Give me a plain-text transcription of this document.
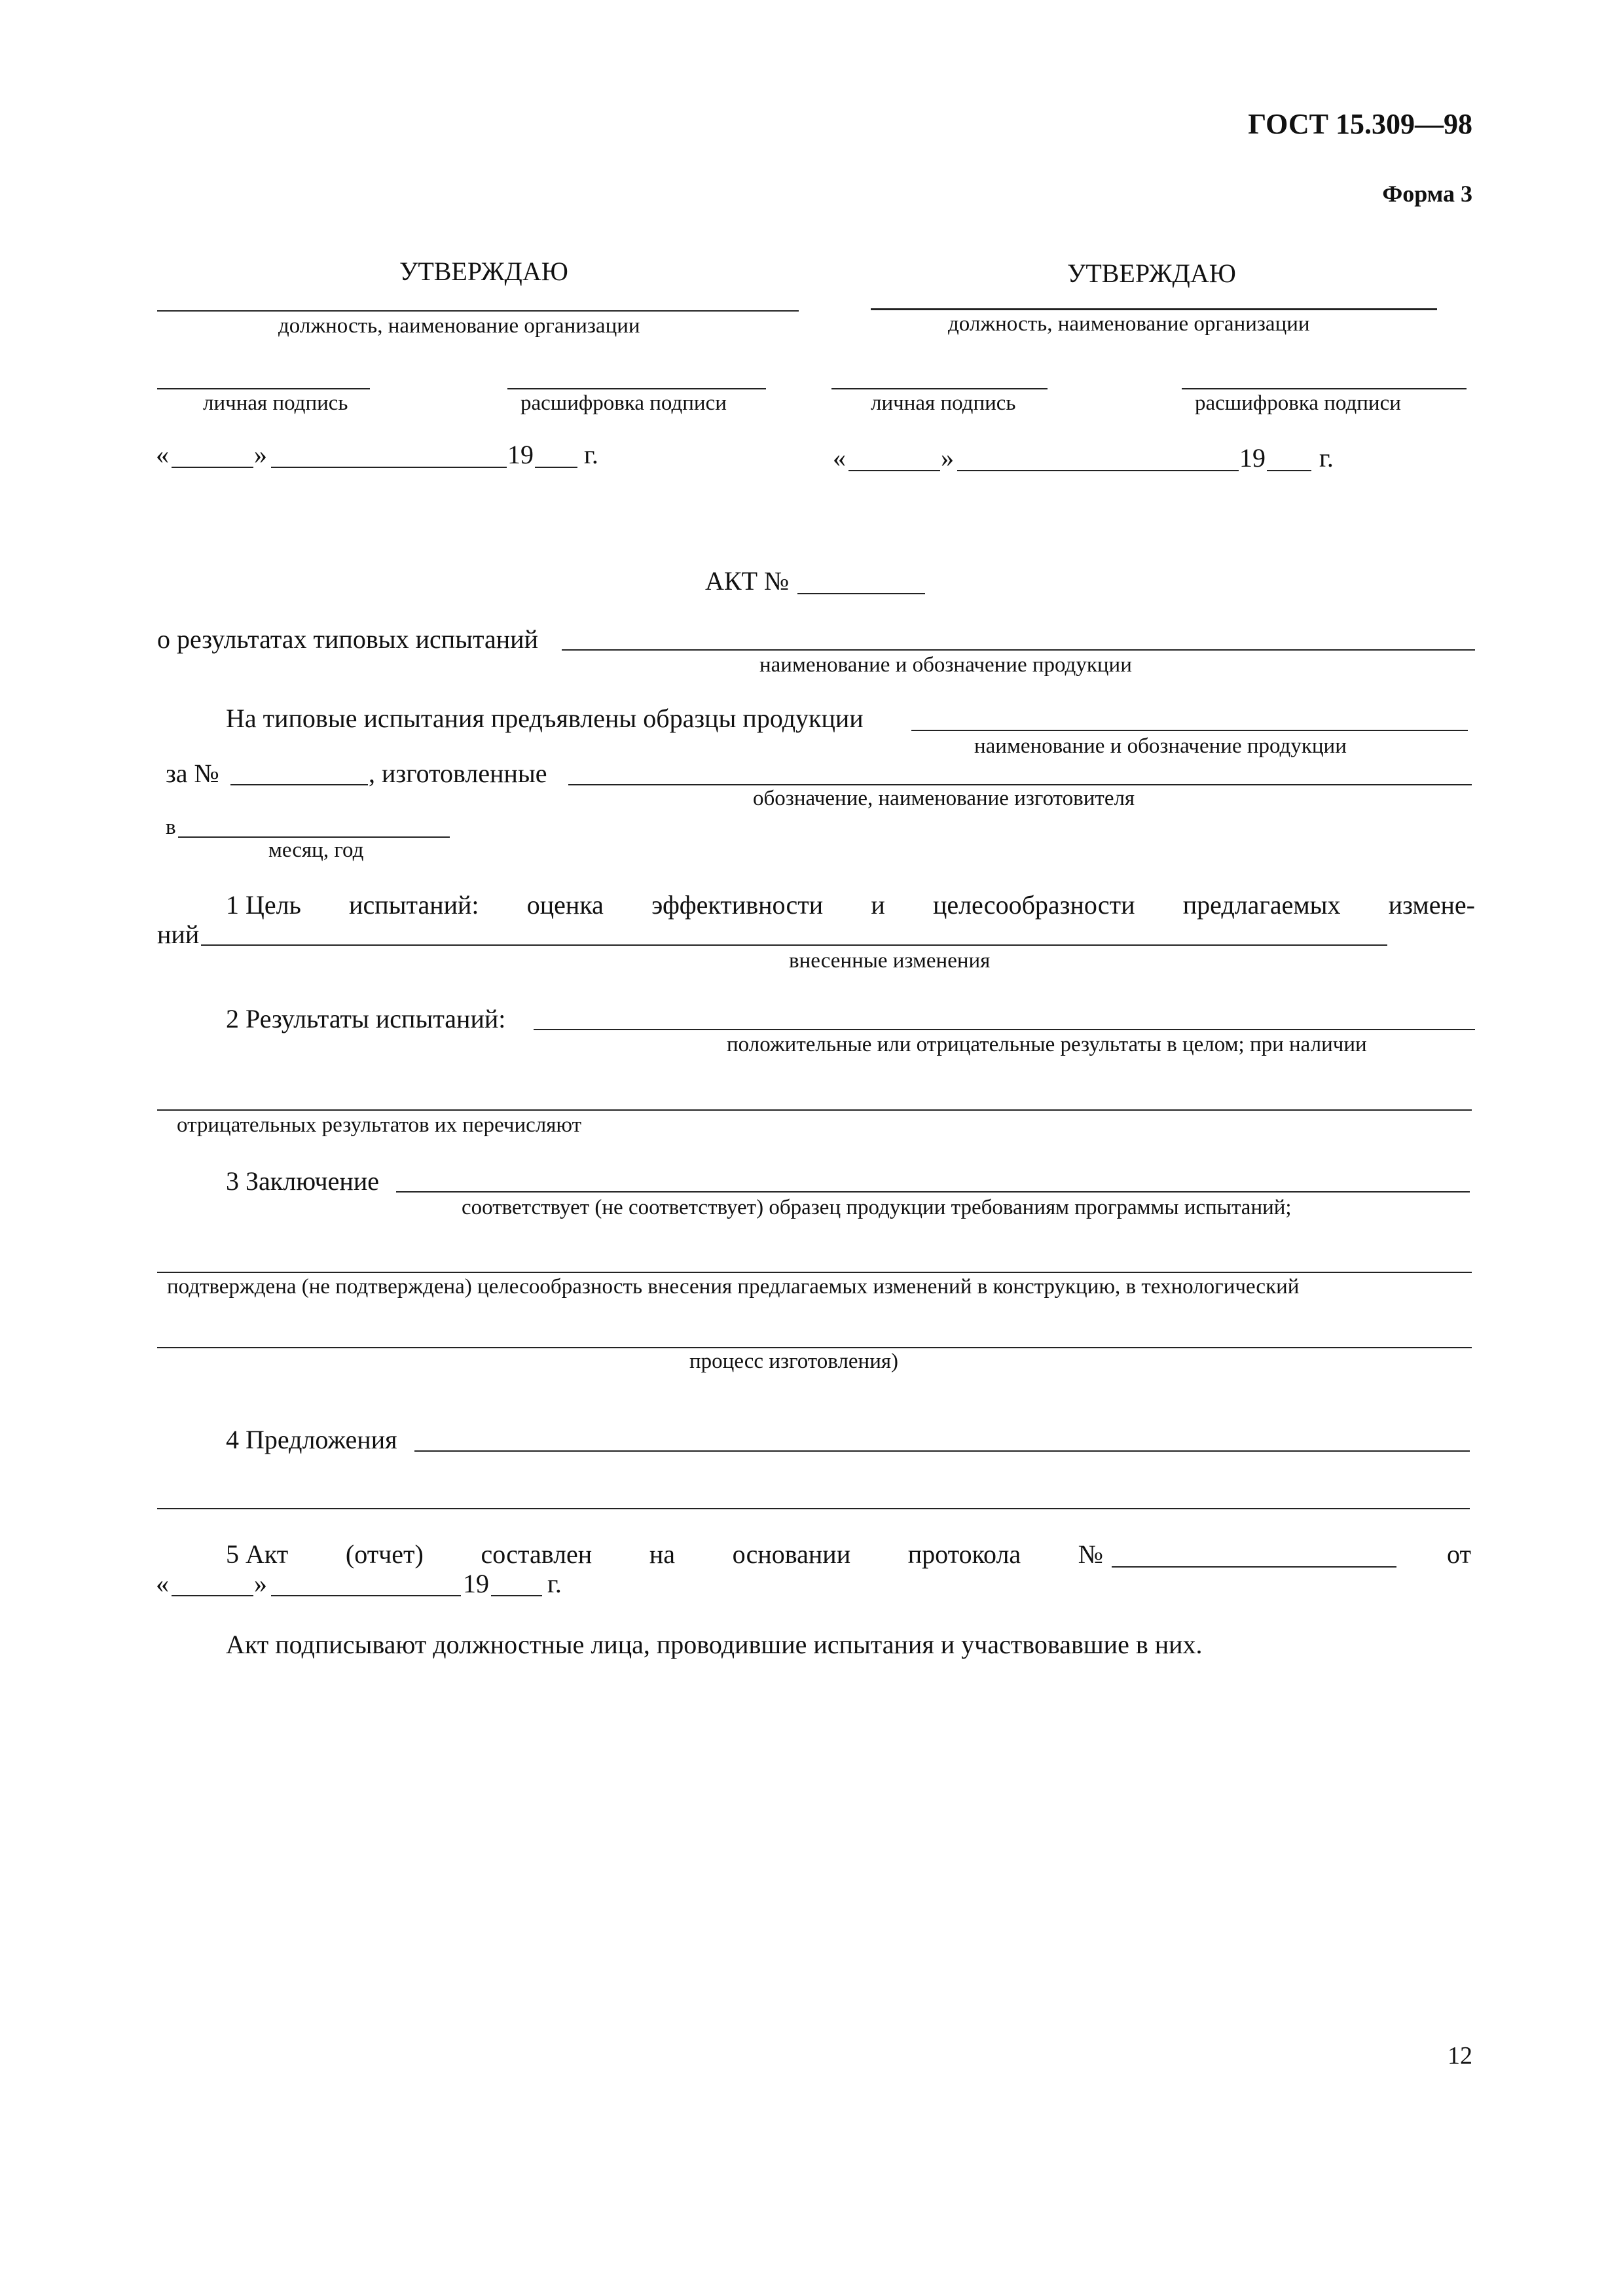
ГОСТ 15.309—98
Форма 3
УТВЕРЖДАЮ
должность, наименование организации
личная подпись	расшифровка подписи
«	»	19 г.
УТВЕРЖДАЮ
должность, наименование организации
личная подпись	расшифровка подписи
«	»	19 г.
АКТ №
о результатах типовых испытаний
наименование и обозначение продукции
На типовые испытания предъявлены образцы продукции
наименование и обозначение продукции
за №	, изготовленные
обозначение, наименование изготовителя
в
месяц, год
1 Цель испытаний: оценка эффективности и целесообразности предлагаемых измене-
ний
внесенные изменения
2 Результаты испытаний:
положительные или отрицательные результаты в целом; при наличии
отрицательных результатов их перечисляют
3 Заключение
соответствует (не соответствует) образец продукции требованиям программы испытаний;
подтверждена (не подтверждена) целесообразность внесения предлагаемых изменений в конструкцию, в технологический
процесс изготовления)
4 Предложения
5 Акт (отчет) составлен на основании протокола №	от
«	»	19 г.
Акт подписывают должностные лица, проводившие испытания и участвовавшие в них.
12
